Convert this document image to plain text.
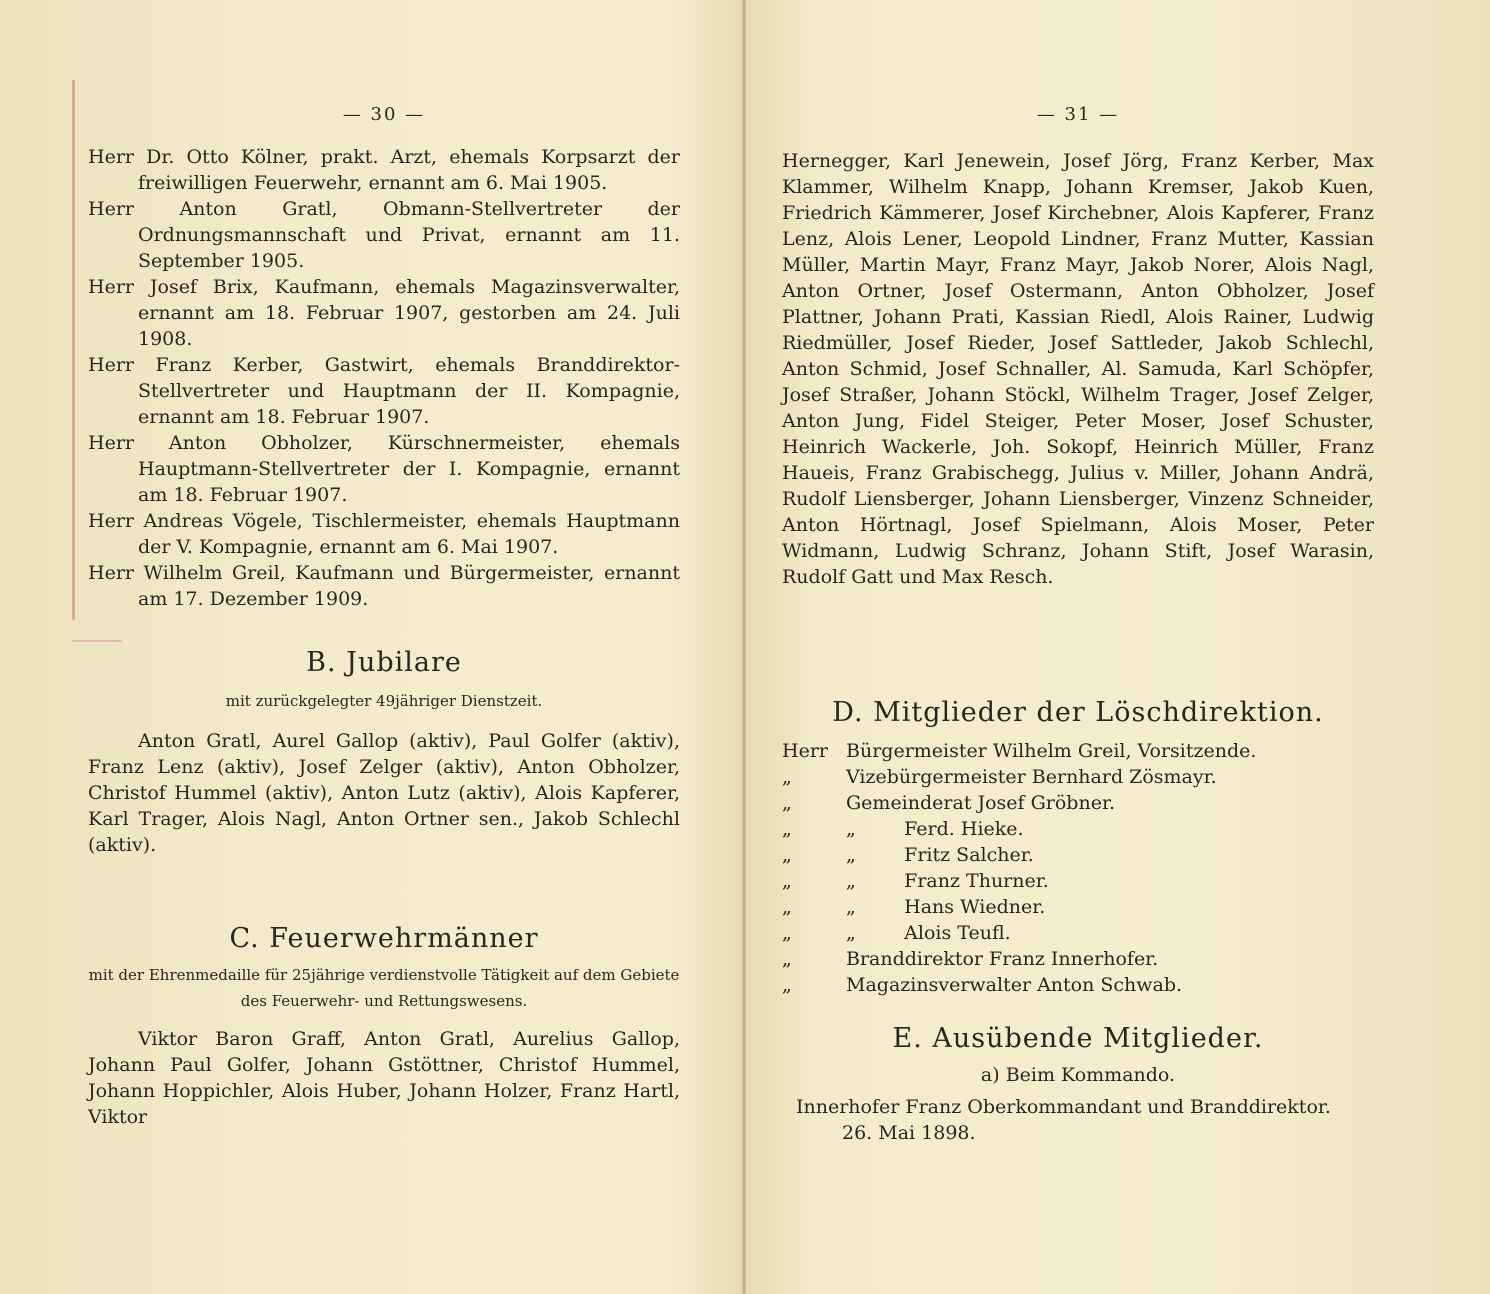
— 30 —

Herr Dr. Otto Kölner, prakt. Arzt, ehemals Korpsarzt der freiwilligen Feuerwehr, ernannt am 6. Mai 1905.

Herr Anton Gratl, Obmann-Stellvertreter der Ordnungsmannschaft und Privat, ernannt am 11. September 1905.

Herr Josef Brix, Kaufmann, ehemals Magazinsverwalter, ernannt am 18. Februar 1907, gestorben am 24. Juli 1908.

Herr Franz Kerber, Gastwirt, ehemals Branddirektor-Stellvertreter und Hauptmann der II. Kompagnie, ernannt am 18. Februar 1907.

Herr Anton Obholzer, Kürschnermeister, ehemals Hauptmann-Stellvertreter der I. Kompagnie, ernannt am 18. Februar 1907.

Herr Andreas Vögele, Tischlermeister, ehemals Hauptmann der V. Kompagnie, ernannt am 6. Mai 1907.

Herr Wilhelm Greil, Kaufmann und Bürgermeister, ernannt am 17. Dezember 1909.

B. Jubilare

mit zurückgelegter 49jähriger Dienstzeit.

Anton Gratl, Aurel Gallop (aktiv), Paul Golfer (aktiv), Franz Lenz (aktiv), Josef Zelger (aktiv), Anton Obholzer, Christof Hummel (aktiv), Anton Lutz (aktiv), Alois Kapferer, Karl Trager, Alois Nagl, Anton Ortner sen., Jakob Schlechl (aktiv).

C. Feuerwehrmänner

mit der Ehrenmedaille für 25jährige verdienstvolle Tätigkeit auf dem Gebiete des Feuerwehr- und Rettungswesens.

Viktor Baron Graff, Anton Gratl, Aurelius Gallop, Johann Paul Golfer, Johann Gstöttner, Christof Hummel, Johann Hoppichler, Alois Huber, Johann Holzer, Franz Hartl, Viktor

— 31 —

Hernegger, Karl Jenewein, Josef Jörg, Franz Kerber, Max Klammer, Wilhelm Knapp, Johann Kremser, Jakob Kuen, Friedrich Kämmerer, Josef Kirchebner, Alois Kapferer, Franz Lenz, Alois Lener, Leopold Lindner, Franz Mutter, Kassian Müller, Martin Mayr, Franz Mayr, Jakob Norer, Alois Nagl, Anton Ortner, Josef Ostermann, Anton Obholzer, Josef Plattner, Johann Prati, Kassian Riedl, Alois Rainer, Ludwig Riedmüller, Josef Rieder, Josef Sattleder, Jakob Schlechl, Anton Schmid, Josef Schnaller, Al. Samuda, Karl Schöpfer, Josef Straßer, Johann Stöckl, Wilhelm Trager, Josef Zelger, Anton Jung, Fidel Steiger, Peter Moser, Josef Schuster, Heinrich Wackerle, Joh. Sokopf, Heinrich Müller, Franz Haueis, Franz Grabischegg, Julius v. Miller, Johann Andrä, Rudolf Liensberger, Johann Liensberger, Vinzenz Schneider, Anton Hörtnagl, Josef Spielmann, Alois Moser, Peter Widmann, Ludwig Schranz, Johann Stift, Josef Warasin, Rudolf Gatt und Max Resch.

D. Mitglieder der Löschdirektion.
Herr Bürgermeister Wilhelm Greil, Vorsitzende.
„	Vizebürgermeister Bernhard Zösmayr.
„	Gemeinderat Josef Gröbner.
„	„        Ferd. Hieke.
„	„        Fritz Salcher.
„	„        Franz Thurner.
„	„        Hans Wiedner.
„	„        Alois Teufl.
„	Branddirektor Franz Innerhofer.
„	Magazinsverwalter Anton Schwab.
E. Ausübende Mitglieder.

a) Beim Kommando.

Innerhofer Franz Oberkommandant und Branddirektor.

26. Mai 1898.
